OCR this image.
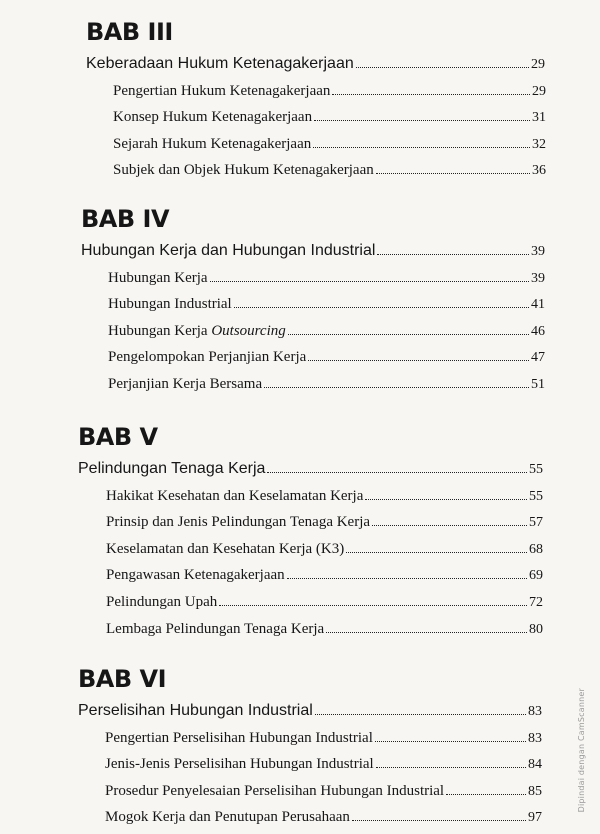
BAB III
Keberadaan Hukum Ketenagakerjaan	29
Pengertian Hukum Ketenagakerjaan	29
Konsep Hukum Ketenagakerjaan	31
Sejarah Hukum Ketenagakerjaan	32
Subjek dan Objek Hukum Ketenagakerjaan	36
BAB IV
Hubungan Kerja dan Hubungan Industrial	39
Hubungan Kerja	39
Hubungan Industrial	41
Hubungan Kerja Outsourcing	46
Pengelompokan Perjanjian Kerja	47
Perjanjian Kerja Bersama	51
BAB V
Pelindungan Tenaga Kerja	55
Hakikat Kesehatan dan Keselamatan Kerja	55
Prinsip dan Jenis Pelindungan Tenaga Kerja	57
Keselamatan dan Kesehatan Kerja (K3)	68
Pengawasan Ketenagakerjaan	69
Pelindungan Upah	72
Lembaga Pelindungan Tenaga Kerja	80
BAB VI
Perselisihan Hubungan Industrial	83
Pengertian Perselisihan Hubungan Industrial	83
Jenis-Jenis Perselisihan Hubungan Industrial	84
Prosedur Penyelesaian Perselisihan Hubungan Industrial	85
Mogok Kerja dan Penutupan Perusahaan	97
Dipindai dengan CamScanner
